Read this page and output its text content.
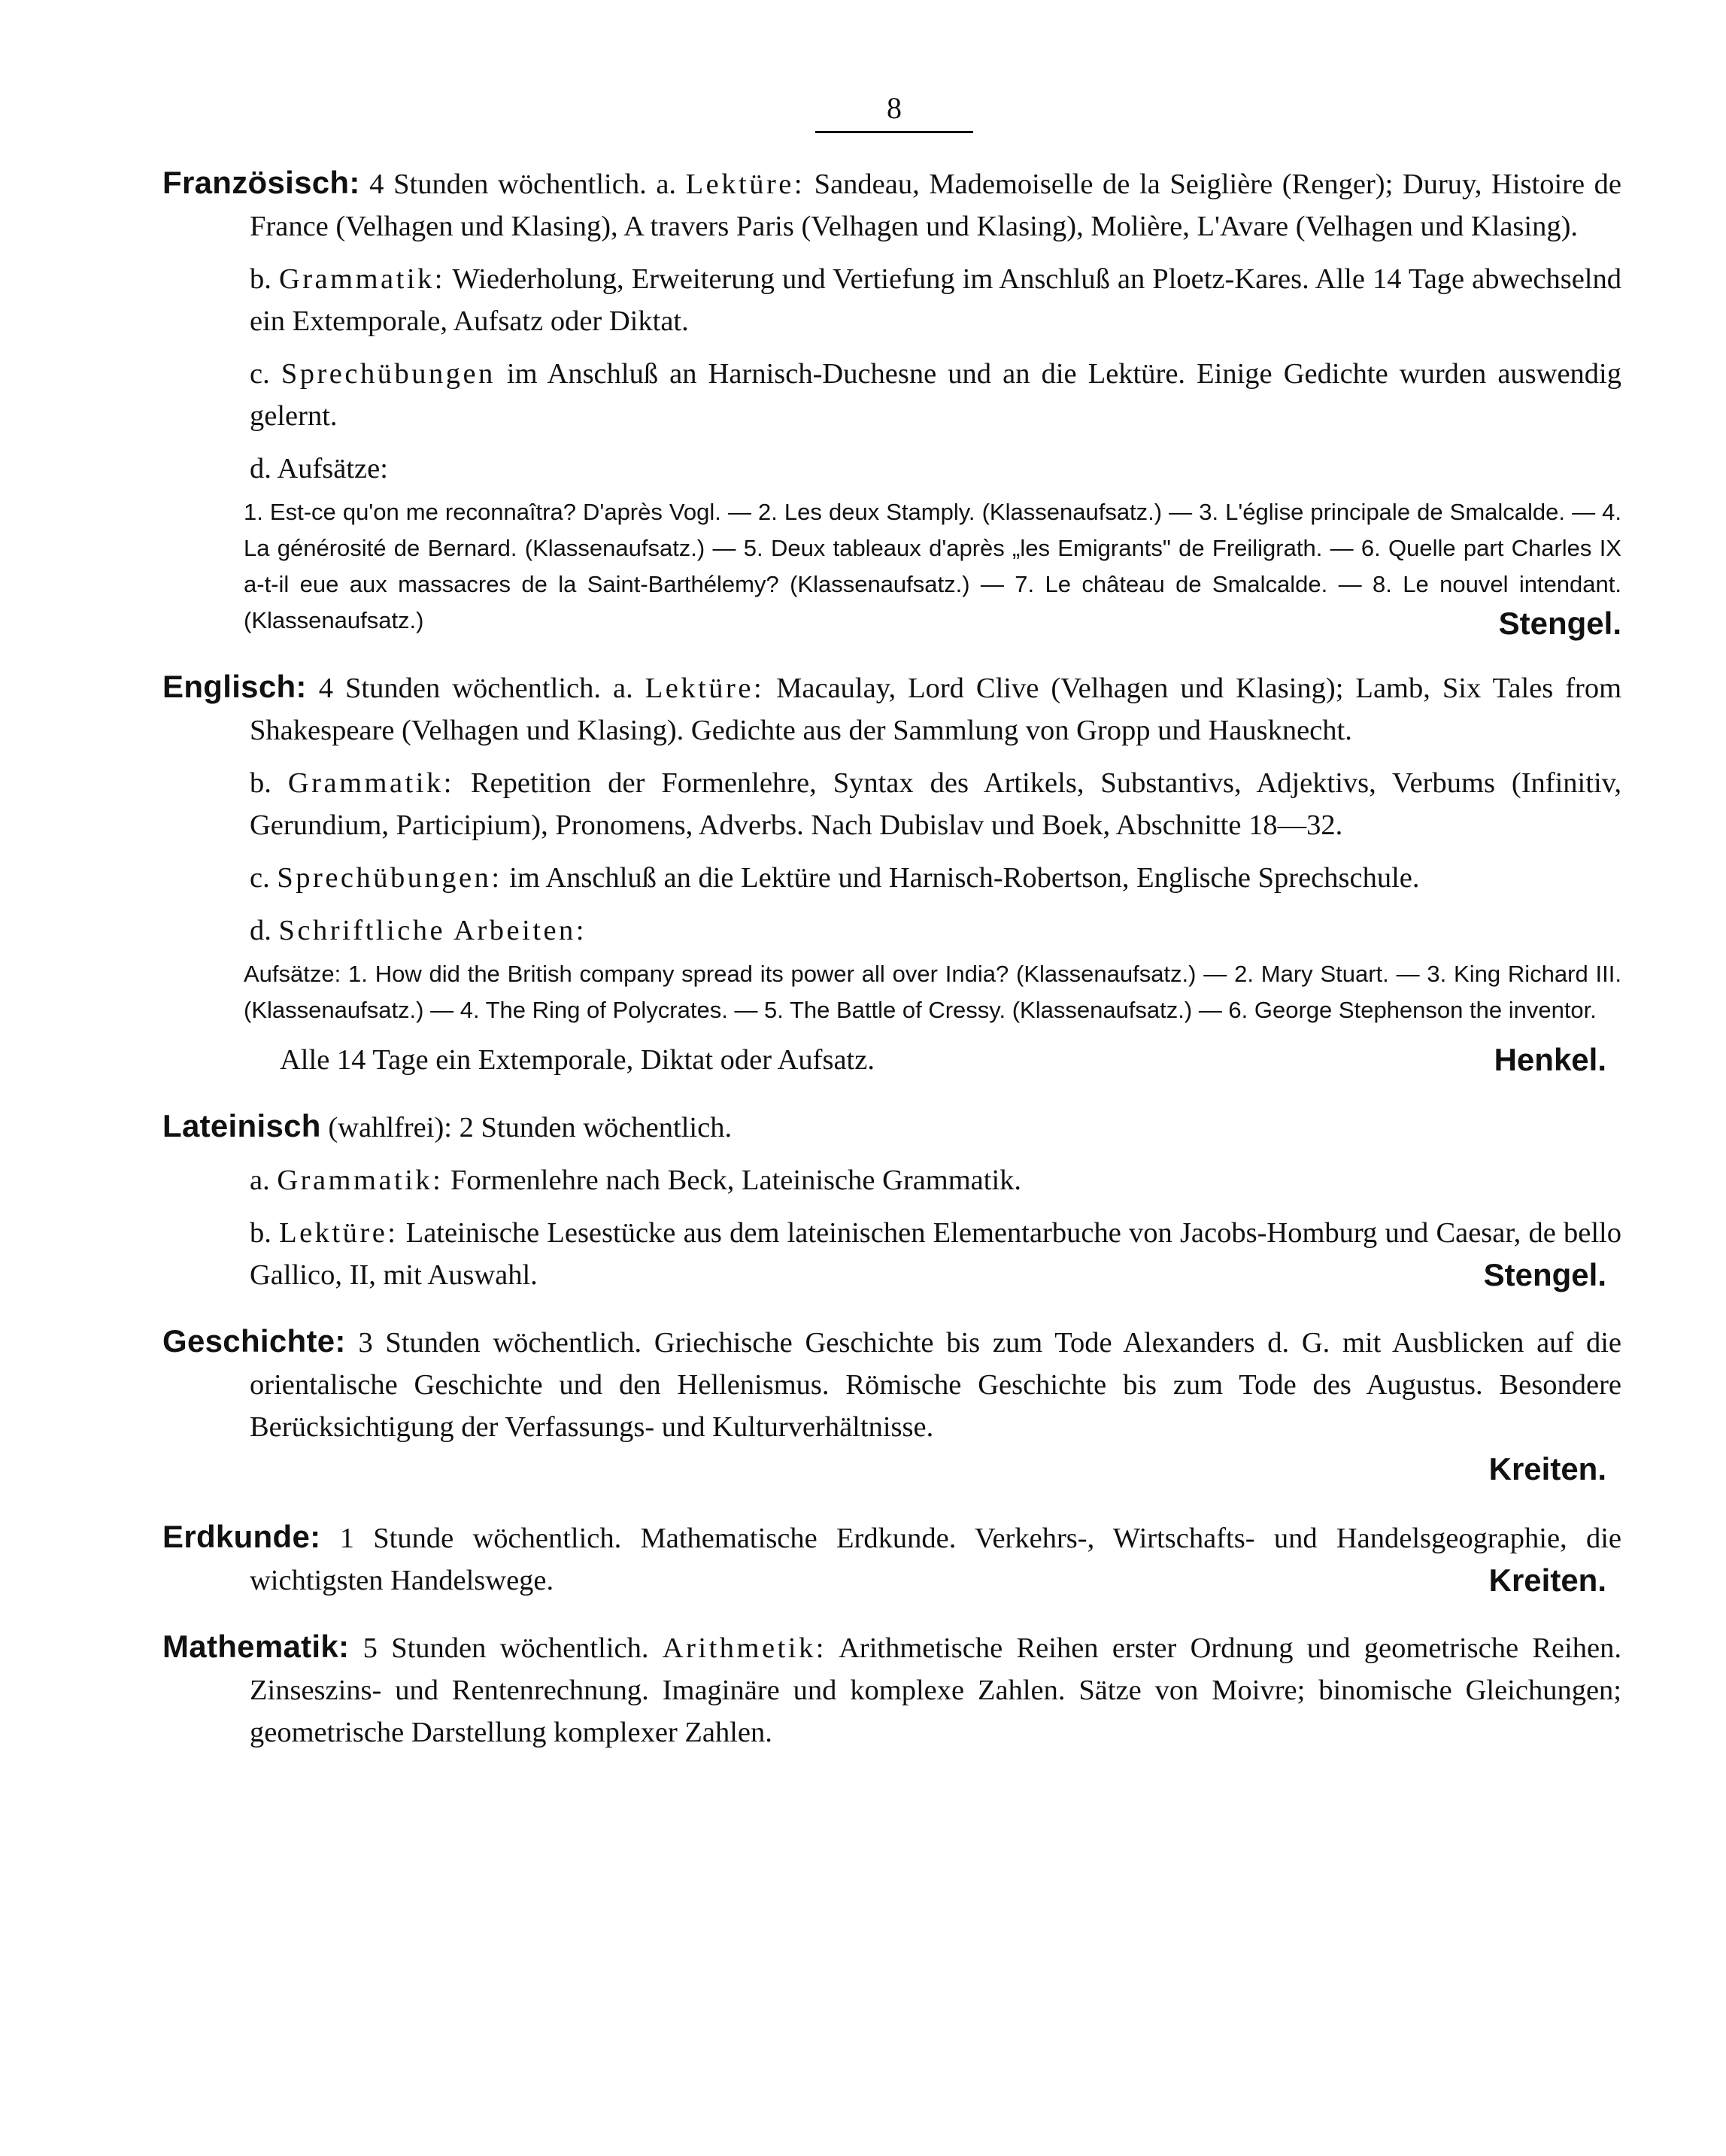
8

Französisch: 4 Stunden wöchentlich. a. Lektüre: Sandeau, Mademoiselle de la Seiglière (Renger); Duruy, Histoire de France (Velhagen und Klasing), A travers Paris (Velhagen und Klasing), Molière, L'Avare (Velhagen und Klasing).

b. Grammatik: Wiederholung, Erweiterung und Vertiefung im Anschluß an Ploetz-Kares. Alle 14 Tage abwechselnd ein Extemporale, Aufsatz oder Diktat.

c. Sprechübungen im Anschluß an Harnisch-Duchesne und an die Lektüre. Einige Gedichte wurden auswendig gelernt.

d. Aufsätze:

1. Est-ce qu'on me reconnaîtra? D'après Vogl. — 2. Les deux Stamply. (Klassenaufsatz.) — 3. L'église principale de Smalcalde. — 4. La générosité de Bernard. (Klassenaufsatz.) — 5. Deux tableaux d'après „les Emigrants" de Freiligrath. — 6. Quelle part Charles IX a-t-il eue aux massacres de la Saint-Barthélemy? (Klassenaufsatz.) — 7. Le château de Smalcalde. — 8. Le nouvel intendant. (Klassenaufsatz.)	Stengel.

Englisch: 4 Stunden wöchentlich. a. Lektüre: Macaulay, Lord Clive (Velhagen und Klasing); Lamb, Six Tales from Shakespeare (Velhagen und Klasing). Gedichte aus der Sammlung von Gropp und Hausknecht.

b. Grammatik: Repetition der Formenlehre, Syntax des Artikels, Substantivs, Adjektivs, Verbums (Infinitiv, Gerundium, Participium), Pronomens, Adverbs. Nach Dubislav und Boek, Abschnitte 18—32.

c. Sprechübungen: im Anschluß an die Lektüre und Harnisch-Robertson, Englische Sprechschule.

d. Schriftliche Arbeiten:

Aufsätze: 1. How did the British company spread its power all over India? (Klassenaufsatz.) — 2. Mary Stuart. — 3. King Richard III. (Klassenaufsatz.) — 4. The Ring of Polycrates. — 5. The Battle of Cressy. (Klassenaufsatz.) — 6. George Stephenson the inventor.

Alle 14 Tage ein Extemporale, Diktat oder Aufsatz.	Henkel.

Lateinisch (wahlfrei): 2 Stunden wöchentlich.

a. Grammatik: Formenlehre nach Beck, Lateinische Grammatik.

b. Lektüre: Lateinische Lesestücke aus dem lateinischen Elementarbuche von Jacobs-Homburg und Caesar, de bello Gallico, II, mit Auswahl.	Stengel.

Geschichte: 3 Stunden wöchentlich. Griechische Geschichte bis zum Tode Alexanders d. G. mit Ausblicken auf die orientalische Geschichte und den Hellenismus. Römische Geschichte bis zum Tode des Augustus. Besondere Berücksichtigung der Verfassungs- und Kulturverhältnisse.

Kreiten.

Erdkunde: 1 Stunde wöchentlich. Mathematische Erdkunde. Verkehrs-, Wirtschafts- und Handelsgeographie, die wichtigsten Handelswege.	Kreiten.

Mathematik: 5 Stunden wöchentlich. Arithmetik: Arithmetische Reihen erster Ordnung und geometrische Reihen. Zinseszins- und Rentenrechnung. Imaginäre und komplexe Zahlen. Sätze von Moivre; binomische Gleichungen; geometrische Darstellung komplexer Zahlen.
